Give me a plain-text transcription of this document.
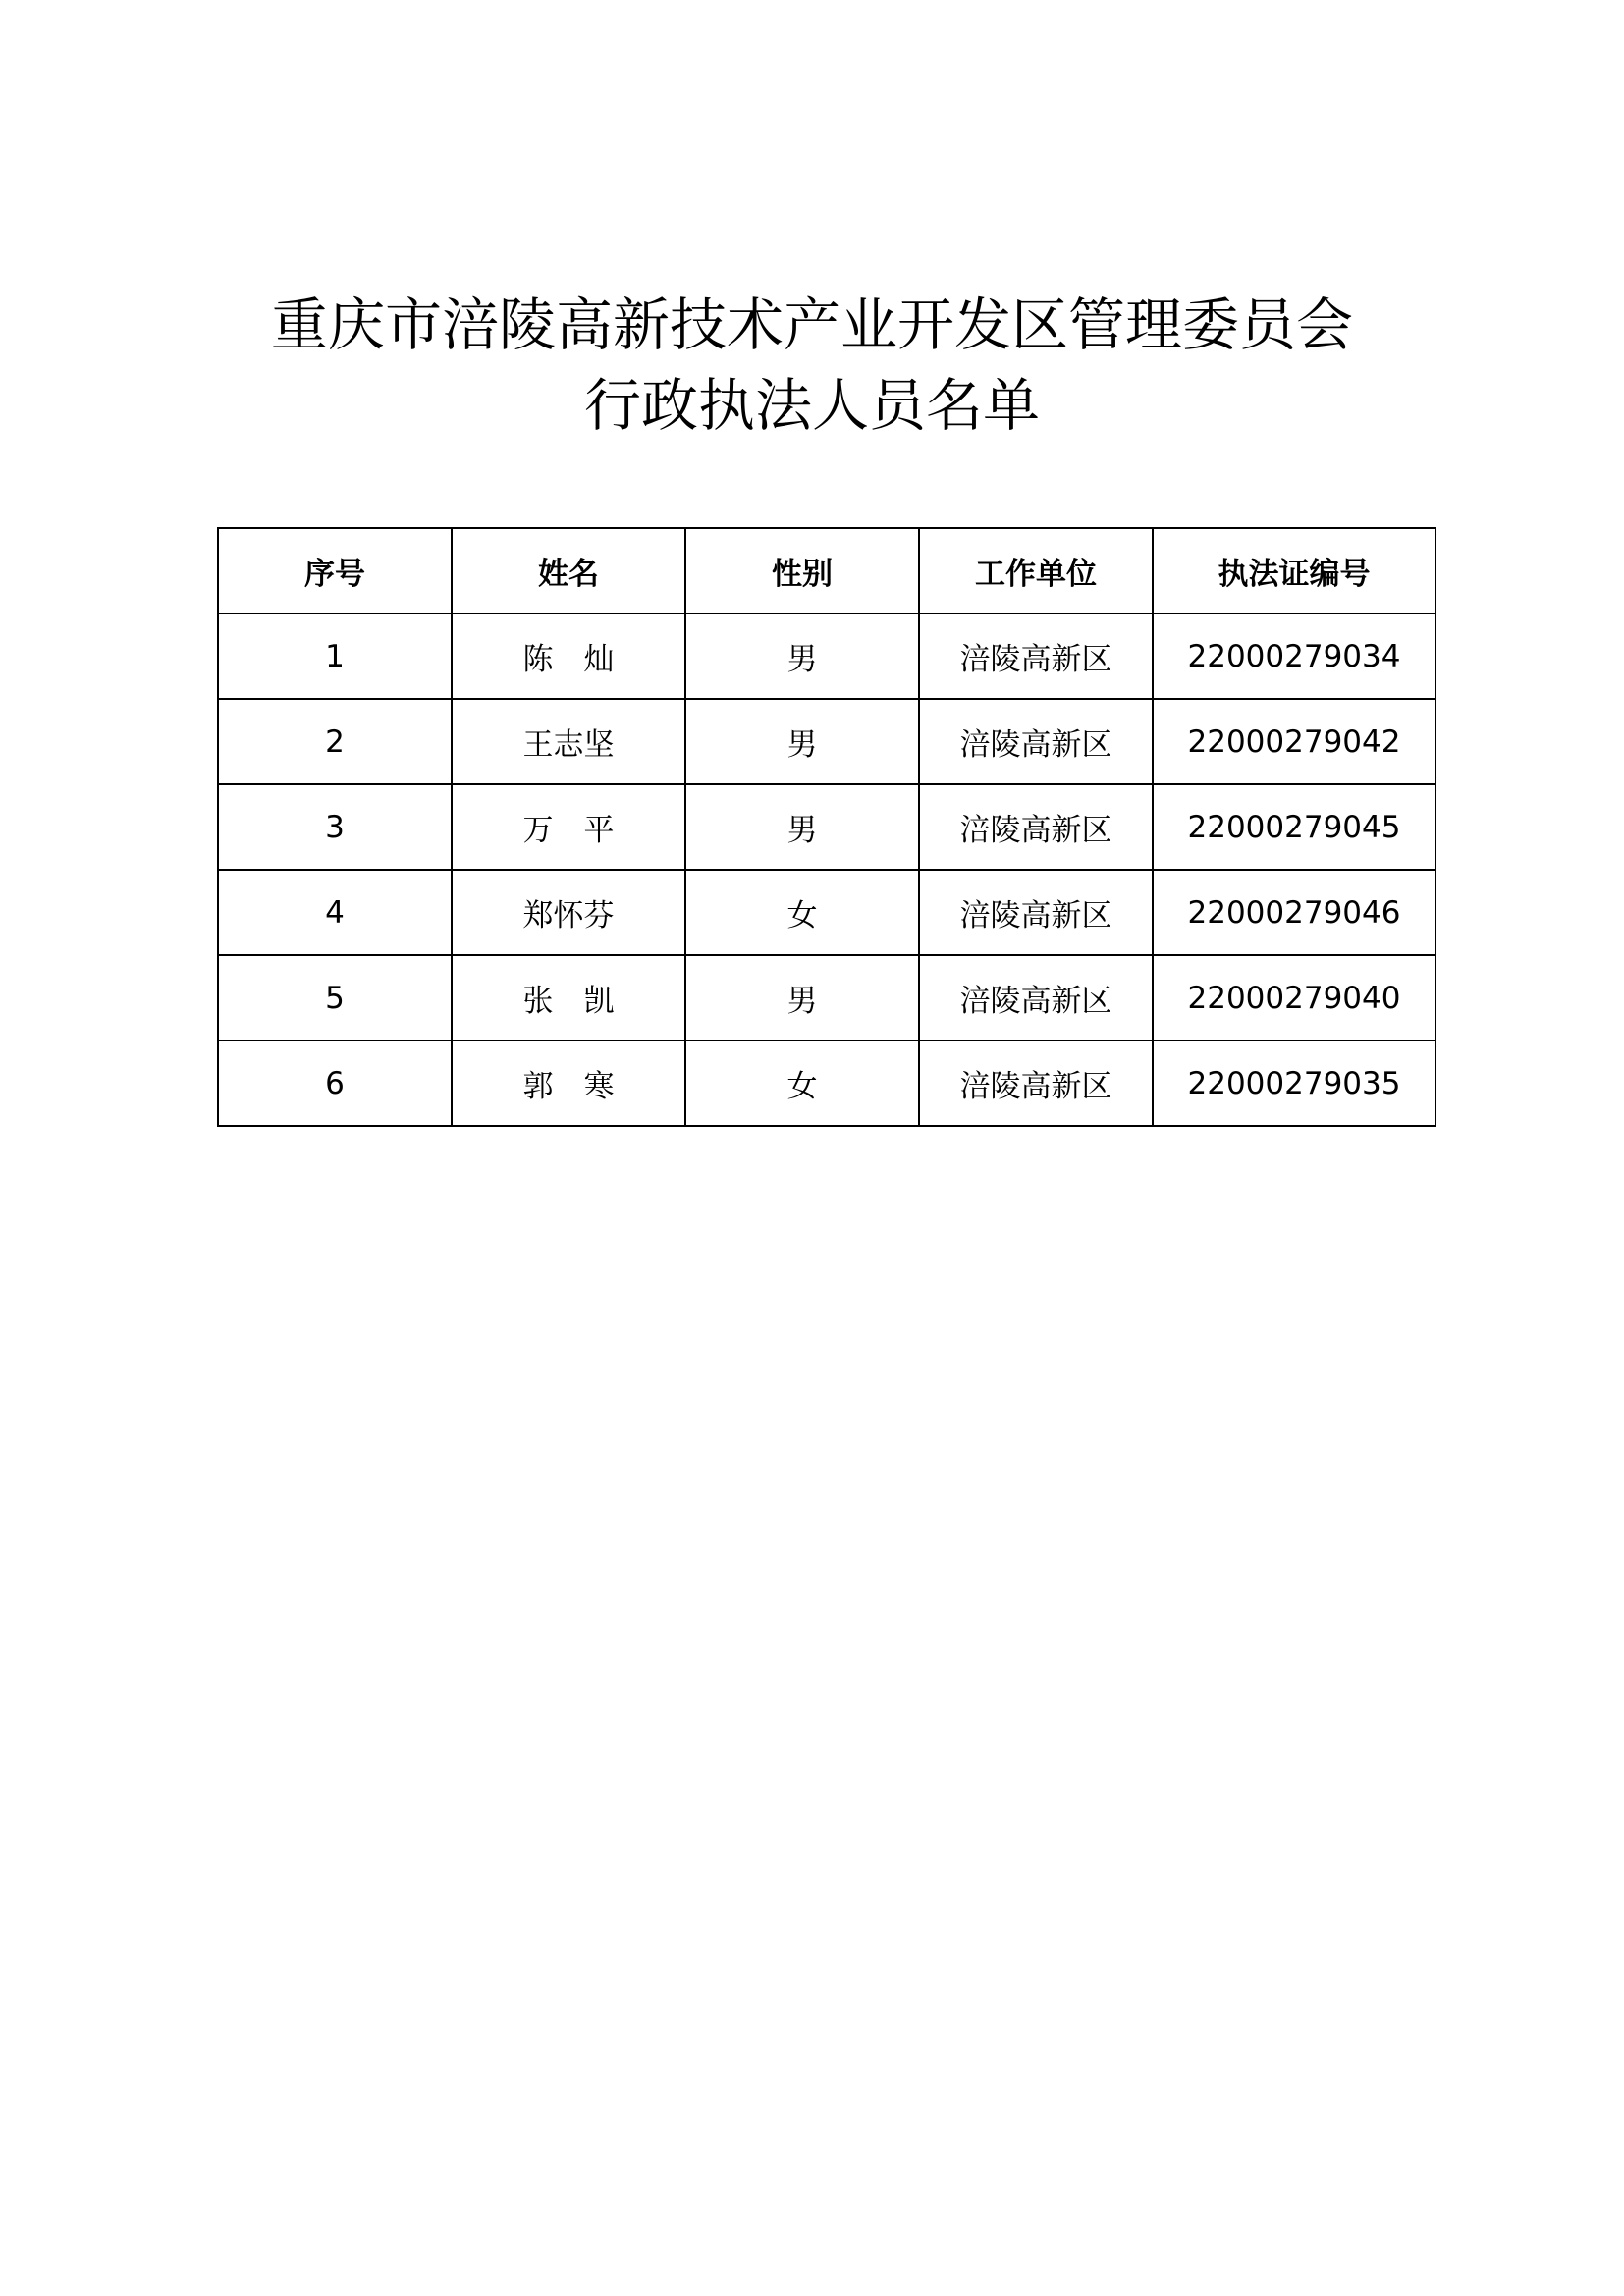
重庆市涪陵高新技术产业开发区管理委员会
行政执法人员名单
序号	姓名	性别	工作单位	执法证编号
1	陈　灿	男	涪陵高新区	22000279034
2	王志坚	男	涪陵高新区	22000279042
3	万　平	男	涪陵高新区	22000279045
4	郑怀芬	女	涪陵高新区	22000279046
5	张　凯	男	涪陵高新区	22000279040
6	郭　寒	女	涪陵高新区	22000279035
